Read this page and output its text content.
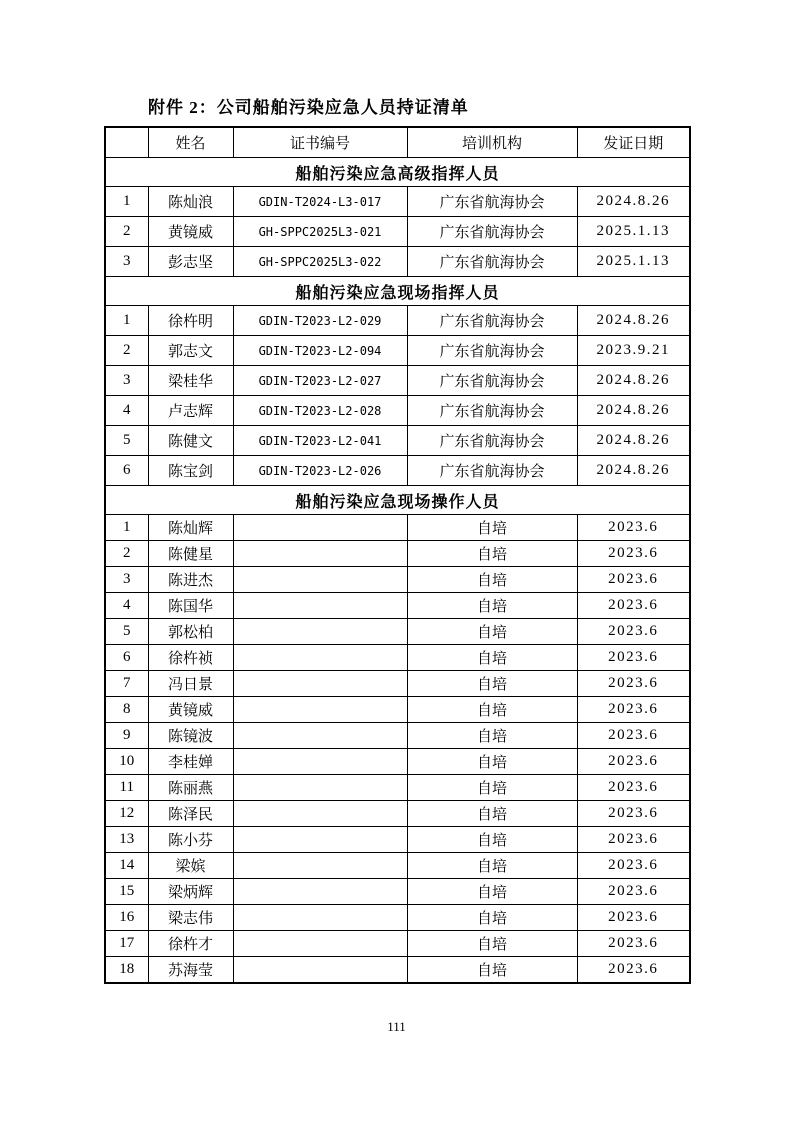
附件 2：公司船舶污染应急人员持证清单
	姓名	证书编号	培训机构	发证日期
船舶污染应急高级指挥人员				
1	陈灿浪	GDIN-T2024-L3-017	广东省航海协会	2024.8.26
2	黄镜威	GH-SPPC2025L3-021	广东省航海协会	2025.1.13
3	彭志坚	GH-SPPC2025L3-022	广东省航海协会	2025.1.13
船舶污染应急现场指挥人员				
1	徐杵明	GDIN-T2023-L2-029	广东省航海协会	2024.8.26
2	郭志文	GDIN-T2023-L2-094	广东省航海协会	2023.9.21
3	梁桂华	GDIN-T2023-L2-027	广东省航海协会	2024.8.26
4	卢志辉	GDIN-T2023-L2-028	广东省航海协会	2024.8.26
5	陈健文	GDIN-T2023-L2-041	广东省航海协会	2024.8.26
6	陈宝剑	GDIN-T2023-L2-026	广东省航海协会	2024.8.26
船舶污染应急现场操作人员				
1	陈灿辉		自培	2023.6
2	陈健星		自培	2023.6
3	陈进杰		自培	2023.6
4	陈国华		自培	2023.6
5	郭松柏		自培	2023.6
6	徐杵祯		自培	2023.6
7	冯日景		自培	2023.6
8	黄镜威		自培	2023.6
9	陈镜波		自培	2023.6
10	李桂婵		自培	2023.6
11	陈丽燕		自培	2023.6
12	陈泽民		自培	2023.6
13	陈小芬		自培	2023.6
14	梁嫔		自培	2023.6
15	梁炳辉		自培	2023.6
16	梁志伟		自培	2023.6
17	徐杵才		自培	2023.6
18	苏海莹		自培	2023.6
111
